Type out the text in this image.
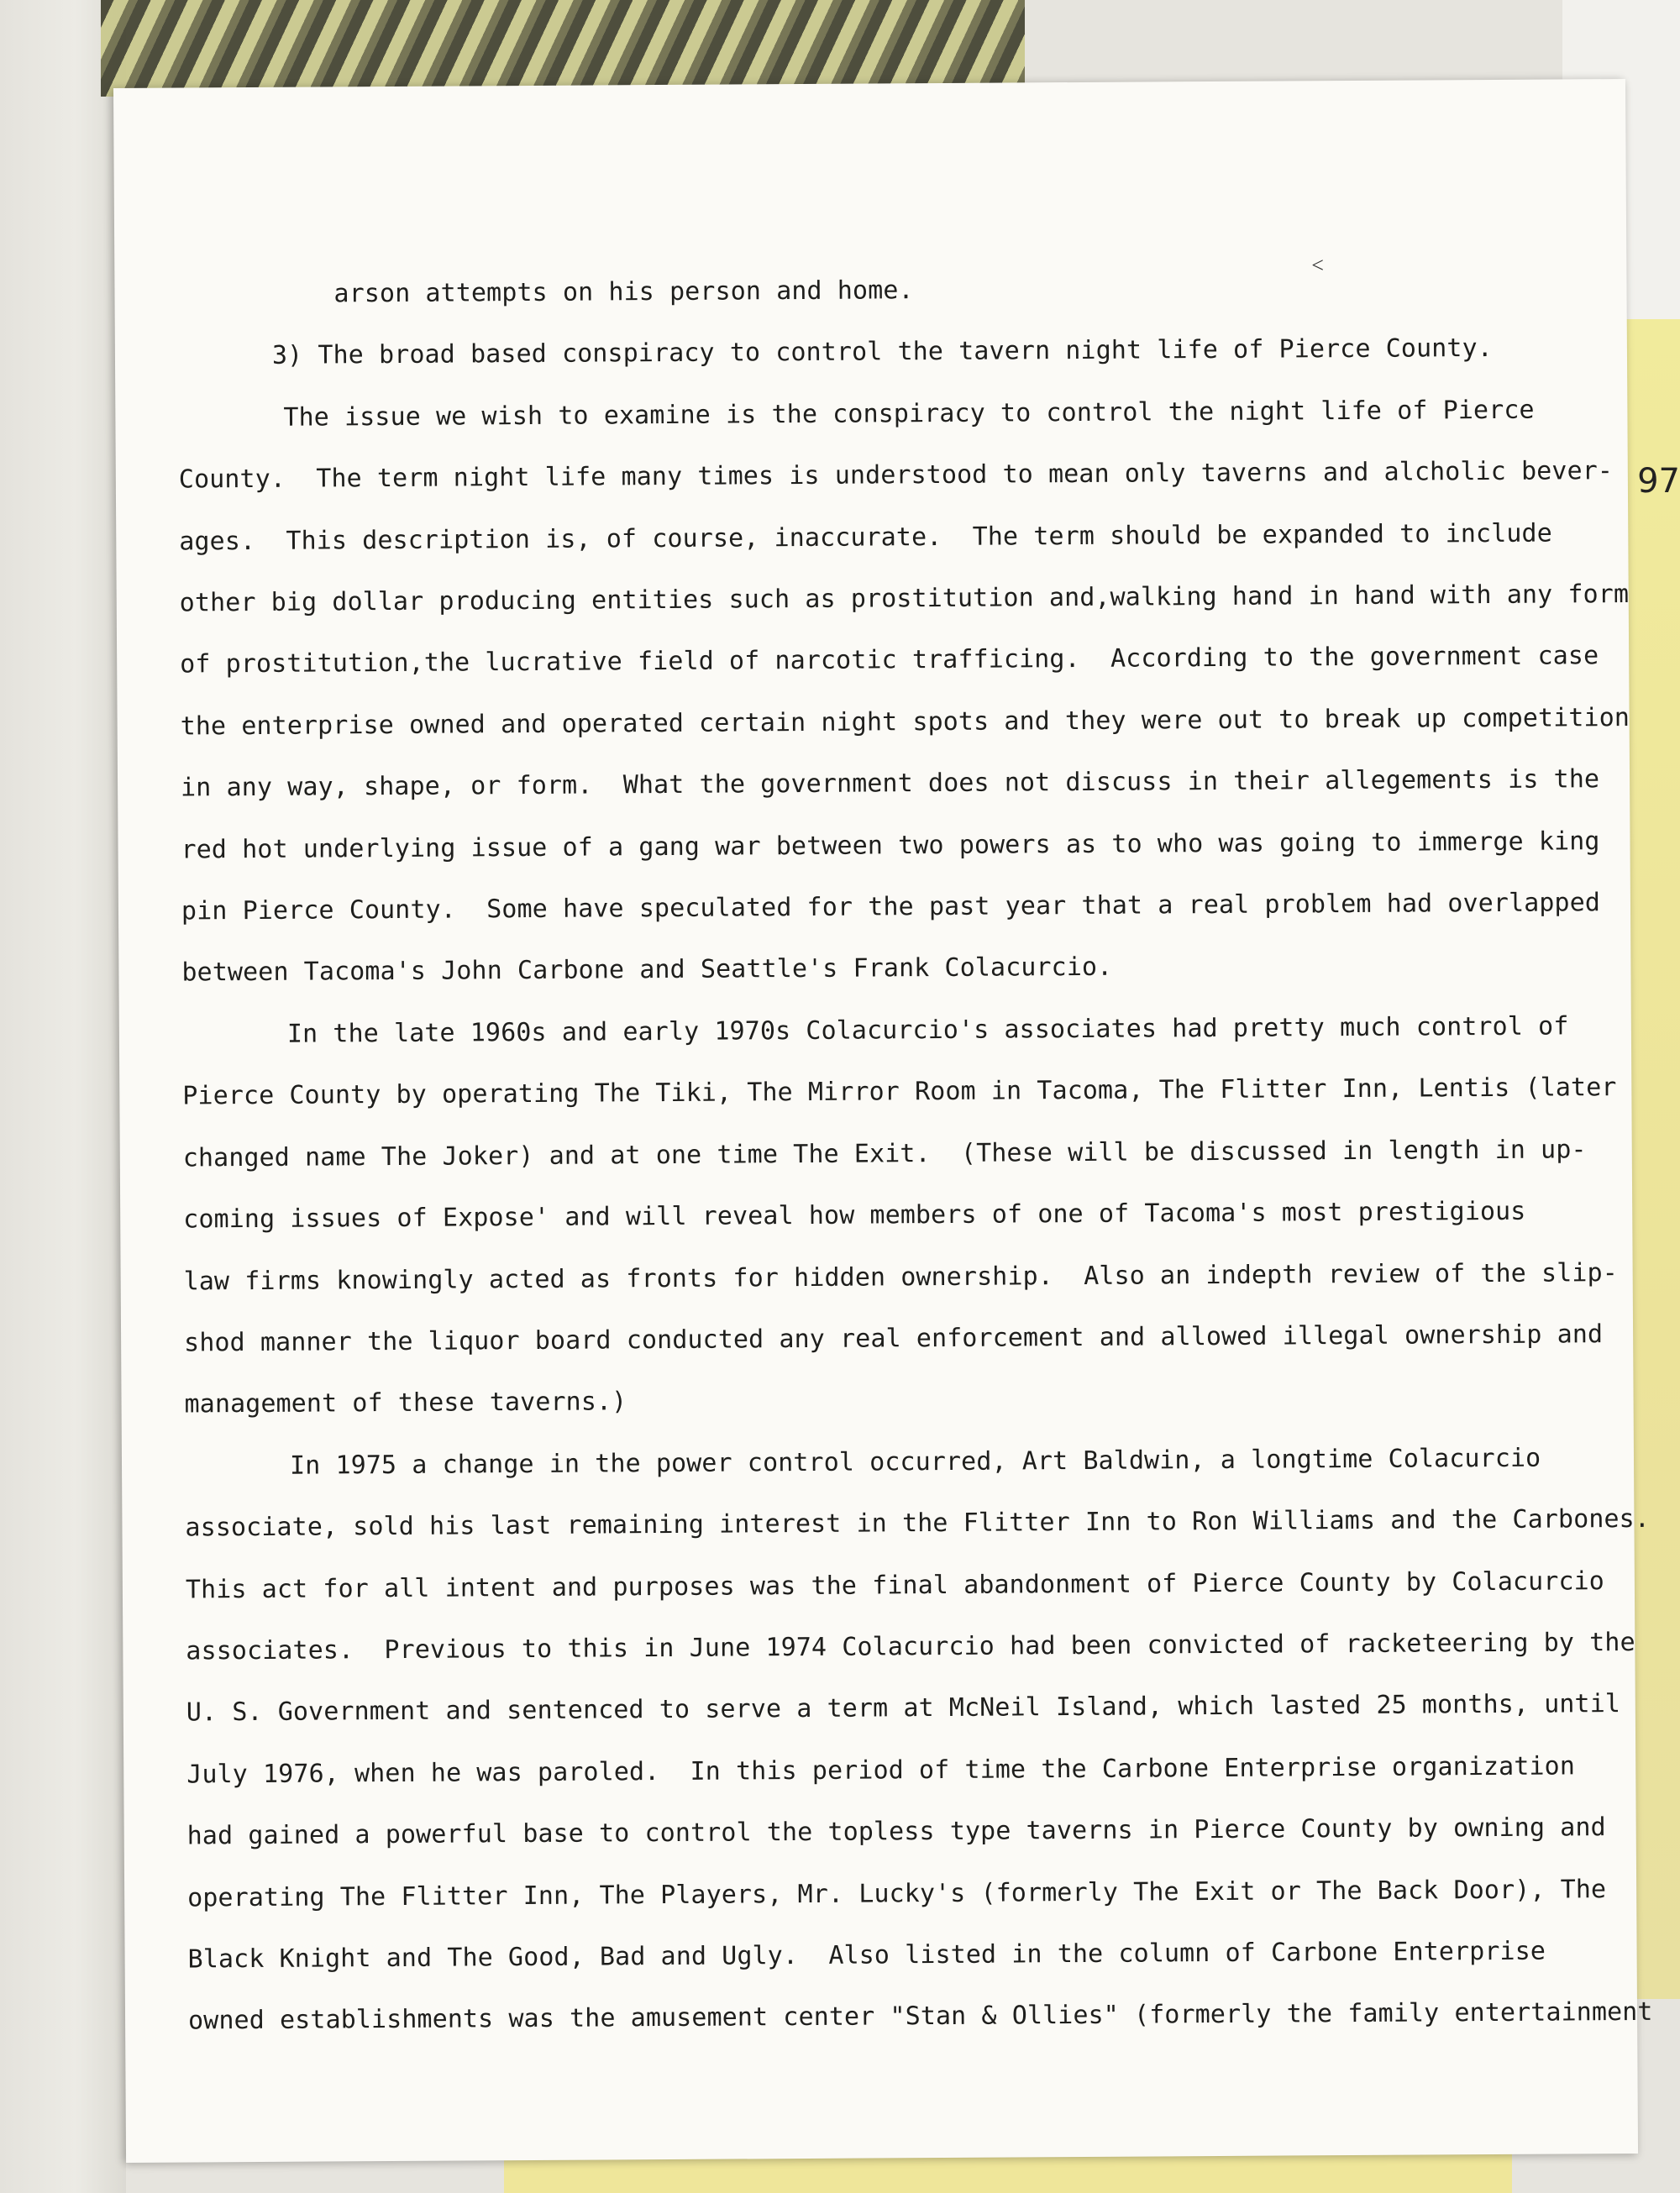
97
˂
arson attempts on his person and home.
3) The broad based conspiracy to control the tavern night life of Pierce County.
The issue we wish to examine is the conspiracy to control the night life of Pierce
County.  The term night life many times is understood to mean only taverns and alcholic bever-
ages.  This description is, of course, inaccurate.  The term should be expanded to include
other big dollar producing entities such as prostitution and,walking hand in hand with any form
of prostitution,the lucrative field of narcotic trafficing.  According to the government case
the enterprise owned and operated certain night spots and they were out to break up competition
in any way, shape, or form.  What the government does not discuss in their allegements is the
red hot underlying issue of a gang war between two powers as to who was going to immerge king
pin Pierce County.  Some have speculated for the past year that a real problem had overlapped
between Tacoma's John Carbone and Seattle's Frank Colacurcio.
In the late 1960s and early 1970s Colacurcio's associates had pretty much control of
Pierce County by operating The Tiki, The Mirror Room in Tacoma, The Flitter Inn, Lentis (later
changed name The Joker) and at one time The Exit.  (These will be discussed in length in up-
coming issues of Expose' and will reveal how members of one of Tacoma's most prestigious
law firms knowingly acted as fronts for hidden ownership.  Also an indepth review of the slip-
shod manner the liquor board conducted any real enforcement and allowed illegal ownership and
management of these taverns.)
In 1975 a change in the power control occurred, Art Baldwin, a longtime Colacurcio
associate, sold his last remaining interest in the Flitter Inn to Ron Williams and the Carbones.
This act for all intent and purposes was the final abandonment of Pierce County by Colacurcio
associates.  Previous to this in June 1974 Colacurcio had been convicted of racketeering by the
U. S. Government and sentenced to serve a term at McNeil Island, which lasted 25 months, until
July 1976, when he was paroled.  In this period of time the Carbone Enterprise organization
had gained a powerful base to control the topless type taverns in Pierce County by owning and
operating The Flitter Inn, The Players, Mr. Lucky's (formerly The Exit or The Back Door), The
Black Knight and The Good, Bad and Ugly.  Also listed in the column of Carbone Enterprise
owned establishments was the amusement center "Stan & Ollies" (formerly the family entertainment
